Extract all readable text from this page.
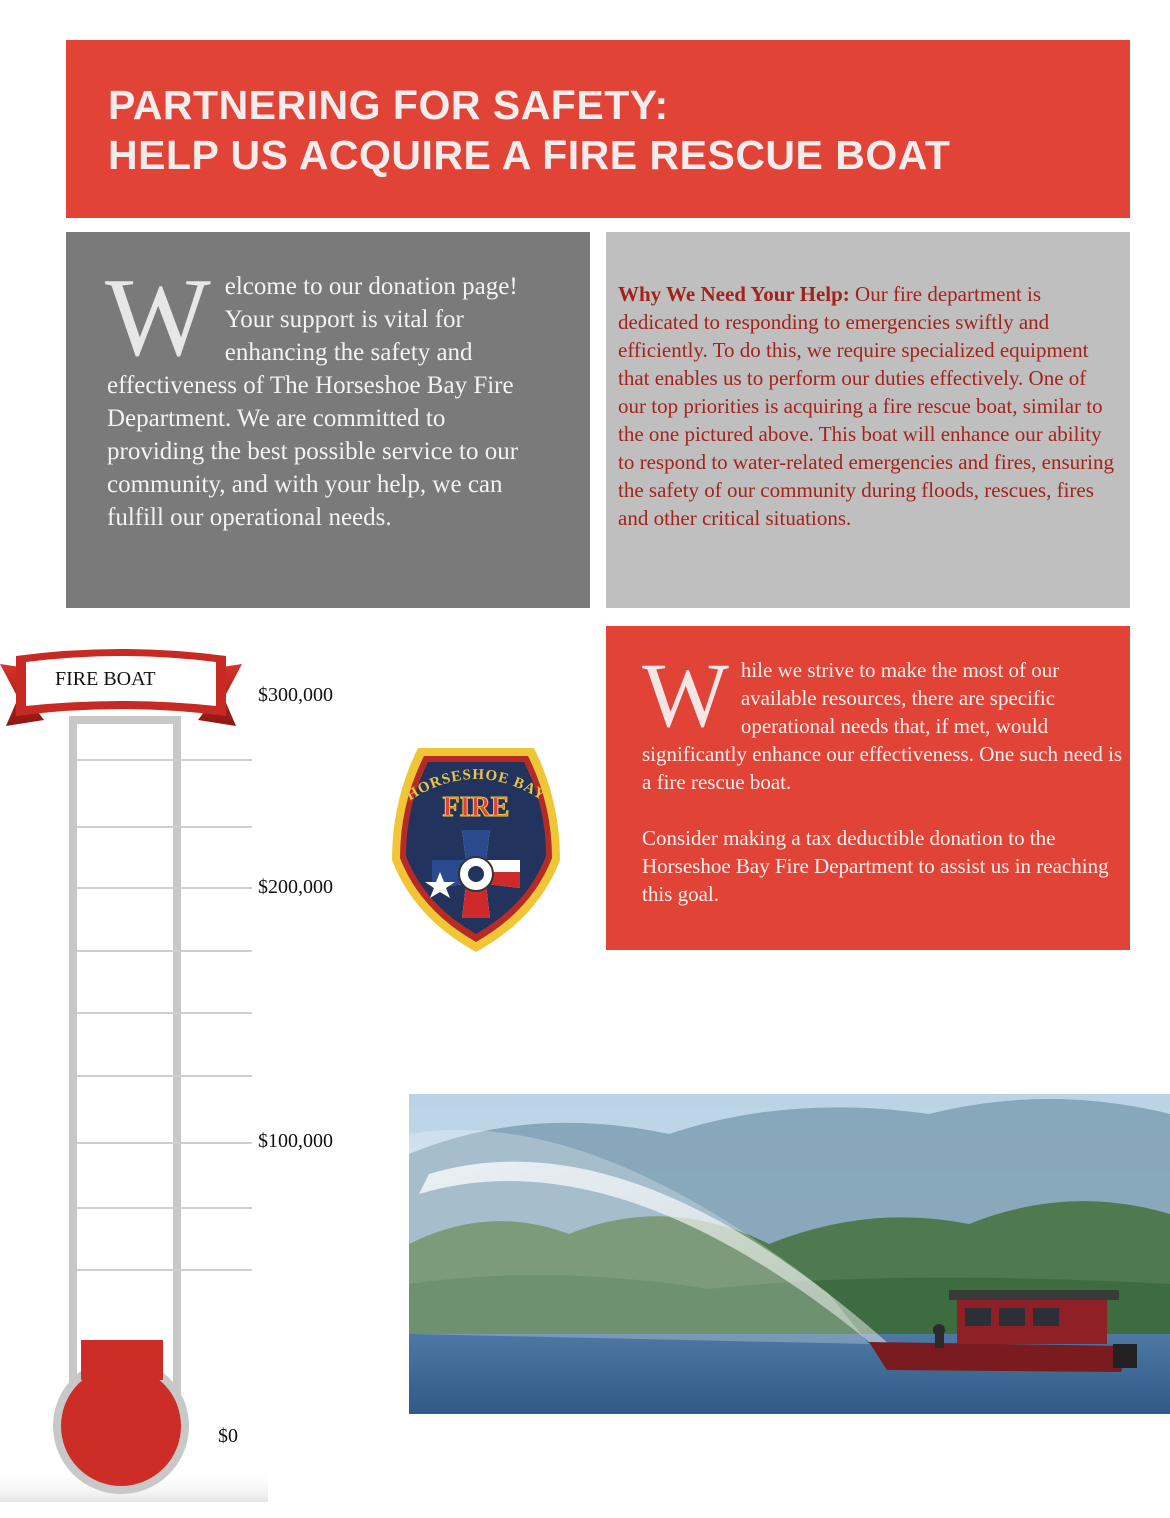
PARTNERING FOR SAFETY:
HELP US ACQUIRE A FIRE RESCUE BOAT
Welcome to our donation page! Your support is vital for enhancing the safety and effectiveness of The Horseshoe Bay Fire Department. We are committed to providing the best possible service to our community, and with your help, we can fulfill our operational needs.
Why We Need Your Help: Our fire department is dedicated to responding to emergencies swiftly and efficiently. To do this, we require specialized equipment that enables us to perform our duties effectively. One of our top priorities is acquiring a fire rescue boat, similar to the one pictured above. This boat will enhance our ability to respond to water-related emergencies and fires, ensuring the safety of our community during floods, rescues, fires and other critical situations.
FIRE BOAT
$300,000
$200,000
$100,000
$0
HORSESHOE BAY
FIRE

While we strive to make the most of our available resources, there are specific operational needs that, if met, would significantly enhance our effectiveness. One such need is a fire rescue boat.

Consider making a tax deductible donation to the Horseshoe Bay Fire Department to assist us in reaching this goal.
